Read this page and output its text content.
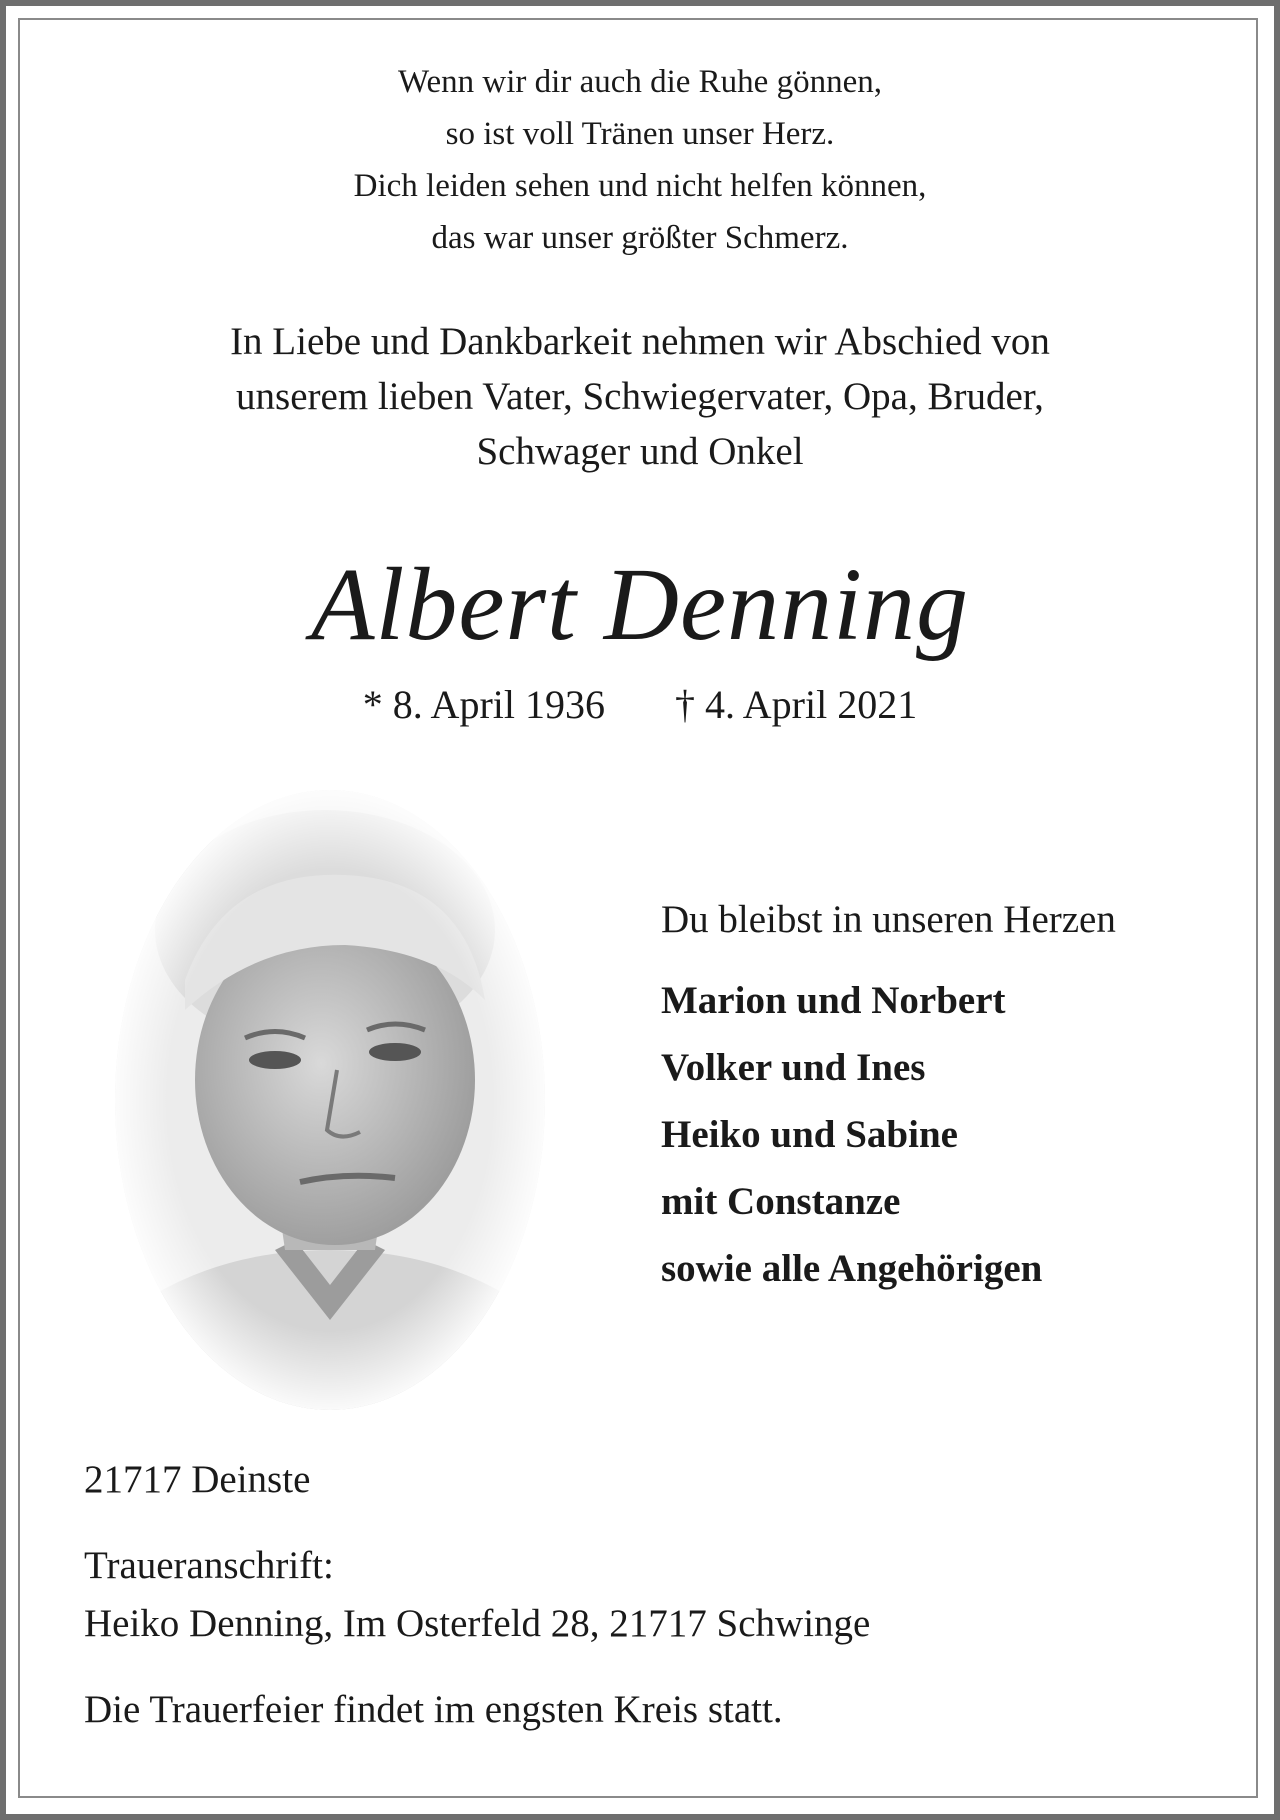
Wenn wir dir auch die Ruhe gönnen,
so ist voll Tränen unser Herz.
Dich leiden sehen und nicht helfen können,
das war unser größter Schmerz.
In Liebe und Dankbarkeit nehmen wir Abschied von
unserem lieben Vater, Schwiegervater, Opa, Bruder,
Schwager und Onkel
Albert Denning
* 8. April 1936 † 4. April 2021
Du bleibst in unseren Herzen
Marion und Norbert
Volker und Ines
Heiko und Sabine
mit Constanze
sowie alle Angehörigen
21717 Deinste
Traueranschrift:
Heiko Denning, Im Osterfeld 28, 21717 Schwinge
Die Trauerfeier findet im engsten Kreis statt.
